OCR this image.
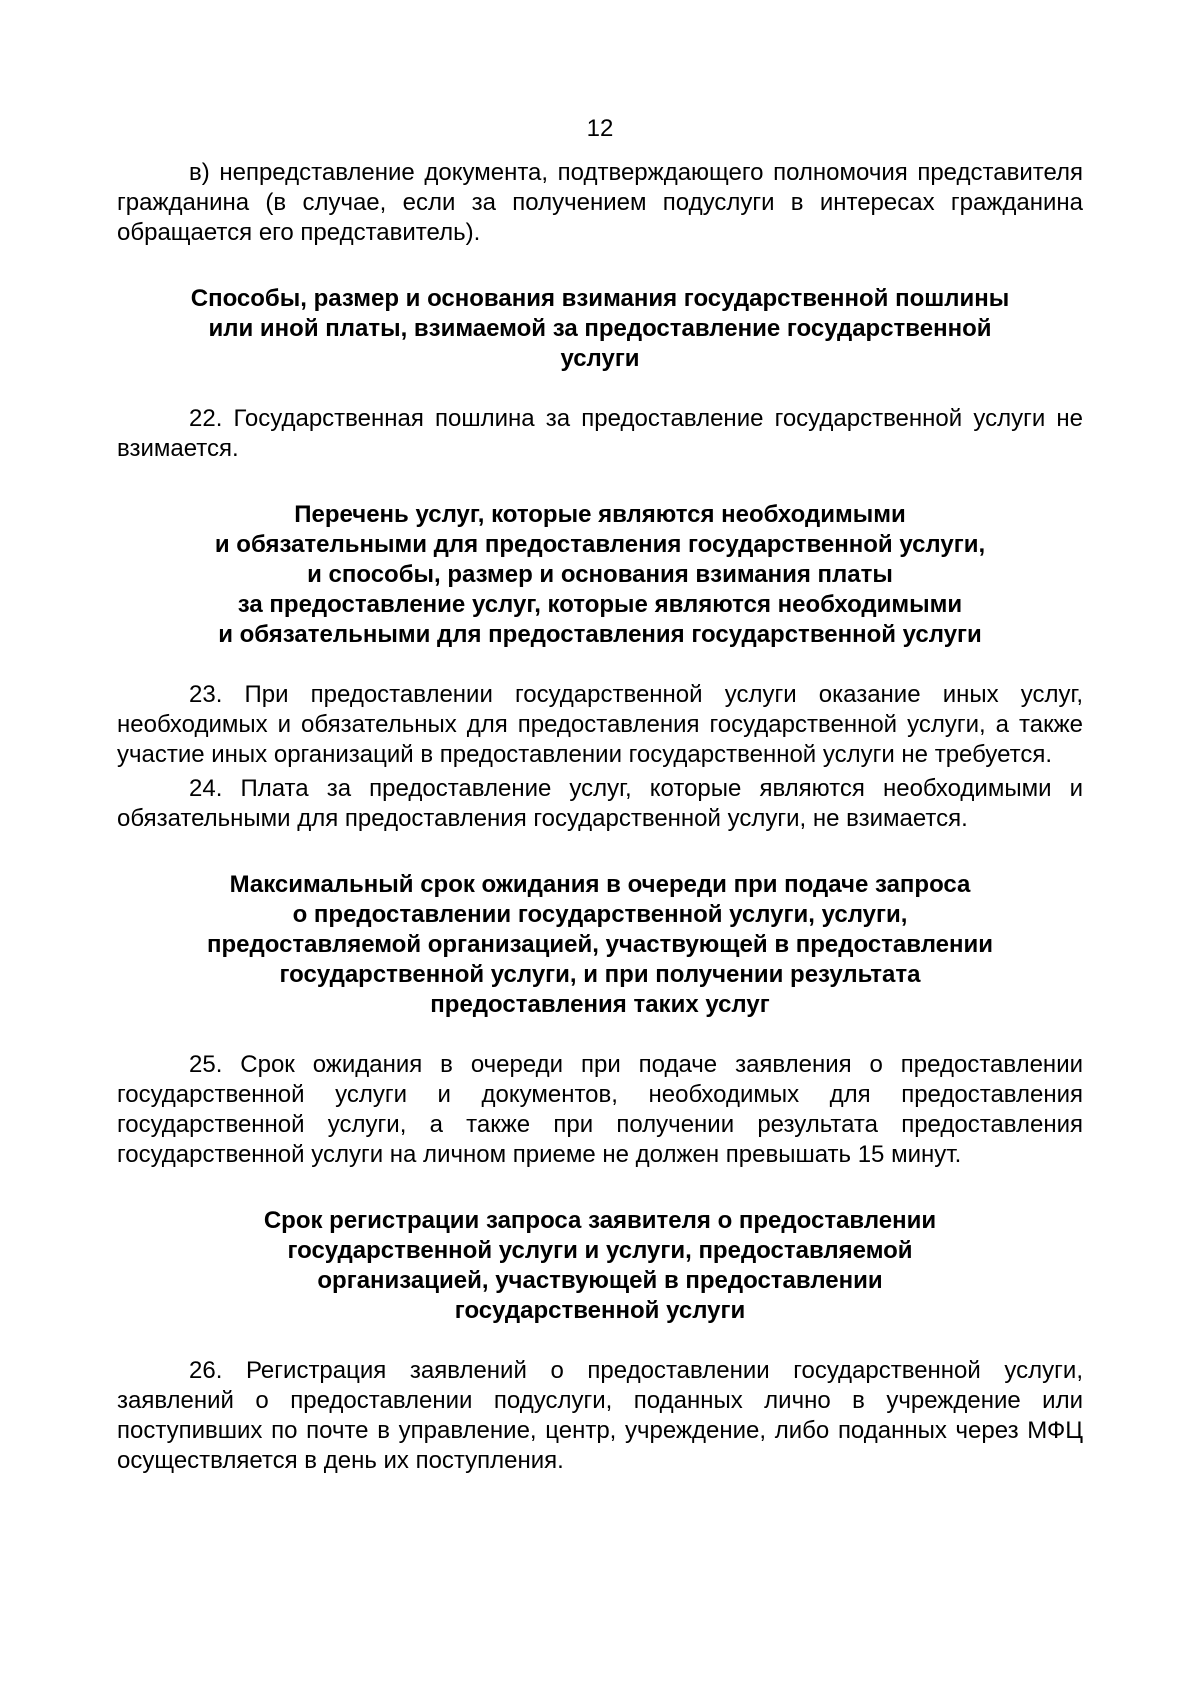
12

в) непредставление документа, подтверждающего полномочия представителя гражданина (в случае, если за получением подуслуги в интересах гражданина обращается его представитель).

Способы, размер и основания взимания государственной пошлины
или иной платы, взимаемой за предоставление государственной
услуги

22. Государственная пошлина за предоставление государственной услуги не взимается.

Перечень услуг, которые являются необходимыми
и обязательными для предоставления государственной услуги,
и способы, размер и основания взимания платы
за предоставление услуг, которые являются необходимыми
и обязательными для предоставления государственной услуги

23. При предоставлении государственной услуги оказание иных услуг, необходимых и обязательных для предоставления государственной услуги, а также участие иных организаций в предоставлении государственной услуги не требуется.

24. Плата за предоставление услуг, которые являются необходимыми и обязательными для предоставления государственной услуги, не взимается.

Максимальный срок ожидания в очереди при подаче запроса
о предоставлении государственной услуги, услуги,
предоставляемой организацией, участвующей в предоставлении
государственной услуги, и при получении результата
предоставления таких услуг

25. Срок ожидания в очереди при подаче заявления о предоставлении государственной услуги и документов, необходимых для предоставления государственной услуги, а также при получении результата предоставления государственной услуги на личном приеме не должен превышать 15 минут.

Срок регистрации запроса заявителя о предоставлении
государственной услуги и услуги, предоставляемой
организацией, участвующей в предоставлении
государственной услуги

26. Регистрация заявлений о предоставлении государственной услуги, заявлений о предоставлении подуслуги, поданных лично в учреждение или поступивших по почте в управление, центр, учреждение, либо поданных через МФЦ осуществляется в день их поступления.
